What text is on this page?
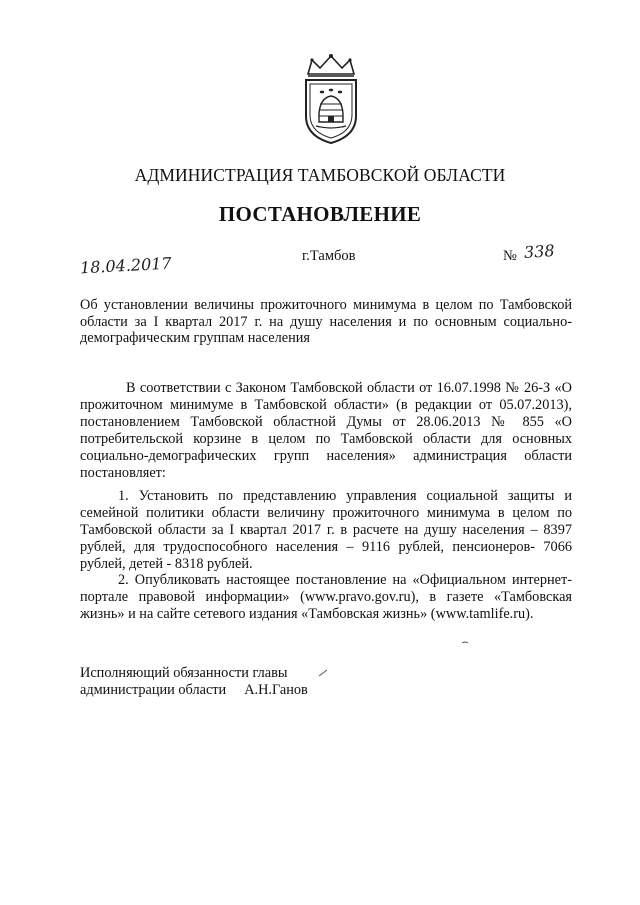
АДМИНИСТРАЦИЯ ТАМБОВСКОЙ ОБЛАСТИ
ПОСТАНОВЛЕНИЕ
18.04.2017	г.Тамбов	№ 338
Об установлении величины прожиточного минимума в целом по Тамбовской области за I квартал 2017 г. на душу населения и по основным социально-демографическим группам населения
В соответствии с Законом Тамбовской области от 16.07.1998 № 26-З «О прожиточном минимуме в Тамбовской области» (в редакции от 05.07.2013), постановлением Тамбовской областной Думы от 28.06.2013 № 855 «О потребительской корзине в целом по Тамбовской области для основных социально-демографических групп населения» администрация области постановляет:
1. Установить по представлению управления социальной защиты и семейной политики области величину прожиточного минимума в целом по Тамбовской области за I квартал 2017 г. в расчете на душу населения – 8397 рублей, для трудоспособного населения – 9116 рублей, пенсионеров- 7066 рублей, детей - 8318 рублей.
2. Опубликовать настоящее постановление на «Официальном интернет-портале правовой информации» (www.pravo.gov.ru), в газете «Тамбовская жизнь» и на сайте сетевого издания «Тамбовская жизнь» (www.tamlife.ru).
Исполняющий обязанности главы
администрации области А.Н.Ганов
